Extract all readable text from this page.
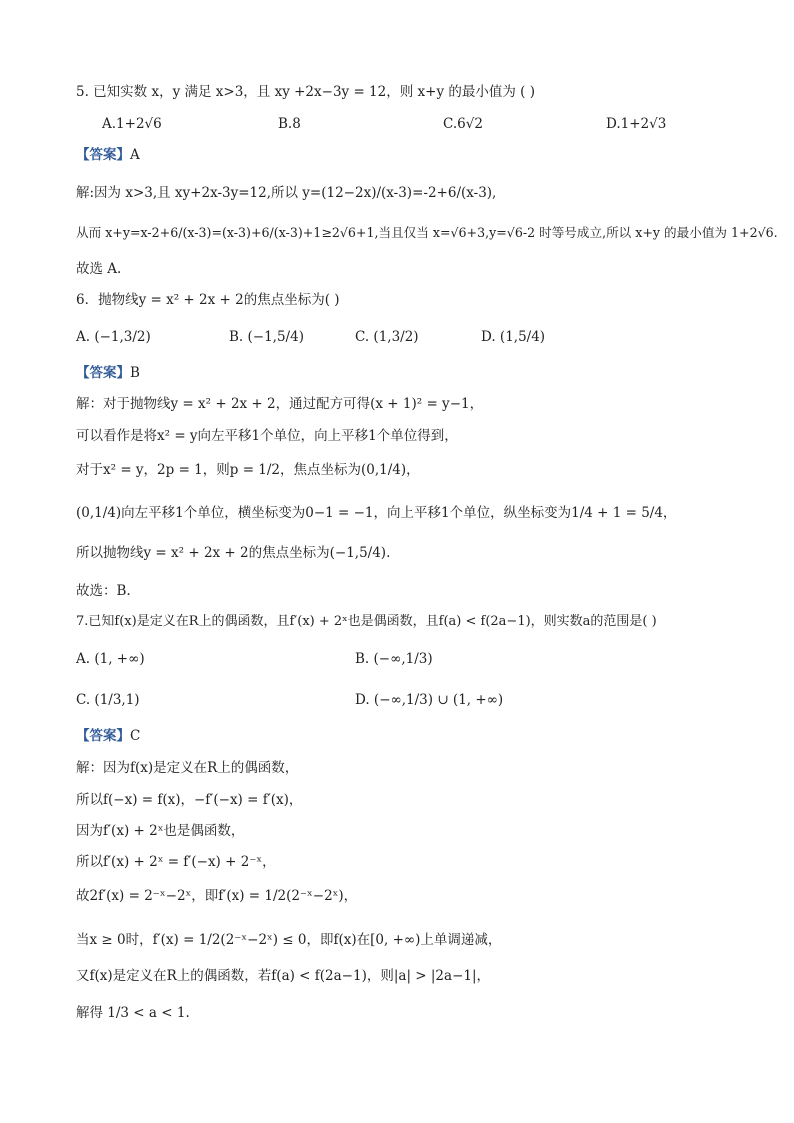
5. 已知实数 x，y 满足 x>3，且 xy +2x−3y = 12，则 x+y 的最小值为 ( )
A.1+2√6	B.8	C.6√2	D.1+2√3
【答案】A
解:因为 x>3,且 xy+2x-3y=12,所以 y=(12−2x)/(x-3)=-2+6/(x-3),
从而 x+y=x-2+6/(x-3)=(x-3)+6/(x-3)+1≥2√6+1,当且仅当 x=√6+3,y=√6-2 时等号成立,所以 x+y 的最小值为 1+2√6.
故选 A.
6．抛物线y = x² + 2x + 2的焦点坐标为( )
A. (−1,3/2)	B. (−1,5/4)	C. (1,3/2)	D. (1,5/4)
【答案】B
解：对于抛物线y = x² + 2x + 2，通过配方可得(x + 1)² = y−1，
可以看作是将x² = y向左平移1个单位，向上平移1个单位得到，
对于x² = y，2p = 1，则p = 1/2，焦点坐标为(0,1/4)，
(0,1/4)向左平移1个单位，横坐标变为0−1 = −1，向上平移1个单位，纵坐标变为1/4 + 1 = 5/4，
所以抛物线y = x² + 2x + 2的焦点坐标为(−1,5/4).
故选：B.
7.已知f(x)是定义在R上的偶函数，且f′(x) + 2ˣ也是偶函数，且f(a) < f(2a−1)，则实数a的范围是( )
A. (1, +∞)	B. (−∞,1/3)
C. (1/3,1)	D. (−∞,1/3) ∪ (1, +∞)
【答案】C
解：因为f(x)是定义在R上的偶函数，
所以f(−x) = f(x)，−f′(−x) = f′(x)，
因为f′(x) + 2ˣ也是偶函数，
所以f′(x) + 2ˣ = f′(−x) + 2⁻ˣ，
故2f′(x) = 2⁻ˣ−2ˣ，即f′(x) = 1/2(2⁻ˣ−2ˣ)，
当x ≥ 0时，f′(x) = 1/2(2⁻ˣ−2ˣ) ≤ 0，即f(x)在[0, +∞)上单调递减，
又f(x)是定义在R上的偶函数，若f(a) < f(2a−1)，则|a| > |2a−1|，
解得 1/3 < a < 1.
